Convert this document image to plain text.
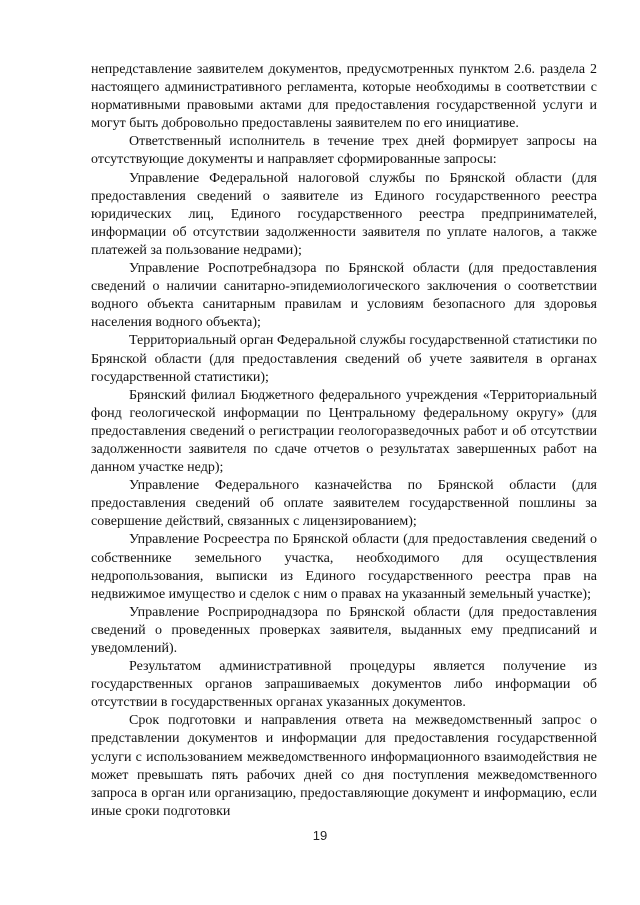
непредставление заявителем документов, предусмотренных пунктом 2.6. раздела 2 настоящего административного регламента, которые необходимы в соответствии с нормативными правовыми актами для предоставления государственной услуги и могут быть добровольно предоставлены заявителем по его инициативе.

Ответственный исполнитель в течение трех дней формирует запросы на отсутствующие документы и направляет сформированные запросы:

Управление Федеральной налоговой службы по Брянской области (для предоставления сведений о заявителе из Единого государственного реестра юридических лиц, Единого государственного реестра предпринимателей, информации об отсутствии задолженности заявителя по уплате налогов, а также платежей за пользование недрами);

Управление Роспотребнадзора по Брянской области (для предоставления сведений о наличии санитарно-эпидемиологического заключения о соответствии водного объекта санитарным правилам и условиям безопасного для здоровья населения водного объекта);

Территориальный орган Федеральной службы государственной статистики по Брянской области (для предоставления сведений об учете заявителя в органах государственной статистики);

Брянский филиал Бюджетного федерального учреждения «Территориальный фонд геологической информации по Центральному федеральному округу» (для предоставления сведений о регистрации геологоразведочных работ и об отсутствии задолженности заявителя по сдаче отчетов о результатах завершенных работ на данном участке недр);

Управление Федерального казначейства по Брянской области (для предоставления сведений об оплате заявителем государственной пошлины за совершение действий, связанных с лицензированием);

Управление Росреестра по Брянской области (для предоставления сведений о собственнике земельного участка, необходимого для осуществления недропользования, выписки из Единого государственного реестра прав на недвижимое имущество и сделок с ним о правах на указанный земельный участке);

Управление Росприроднадзора по Брянской области (для предоставления сведений о проведенных проверках заявителя, выданных ему предписаний и уведомлений).

Результатом административной процедуры является получение из государственных органов запрашиваемых документов либо информации об отсутствии в государственных органах указанных документов.

Срок подготовки и направления ответа на межведомственный запрос о представлении документов и информации для предоставления государственной услуги с использованием межведомственного информационного взаимодействия не может превышать пять рабочих дней со дня поступления межведомственного запроса в орган или организацию, предоставляющие документ и информацию, если иные сроки подготовки

19
